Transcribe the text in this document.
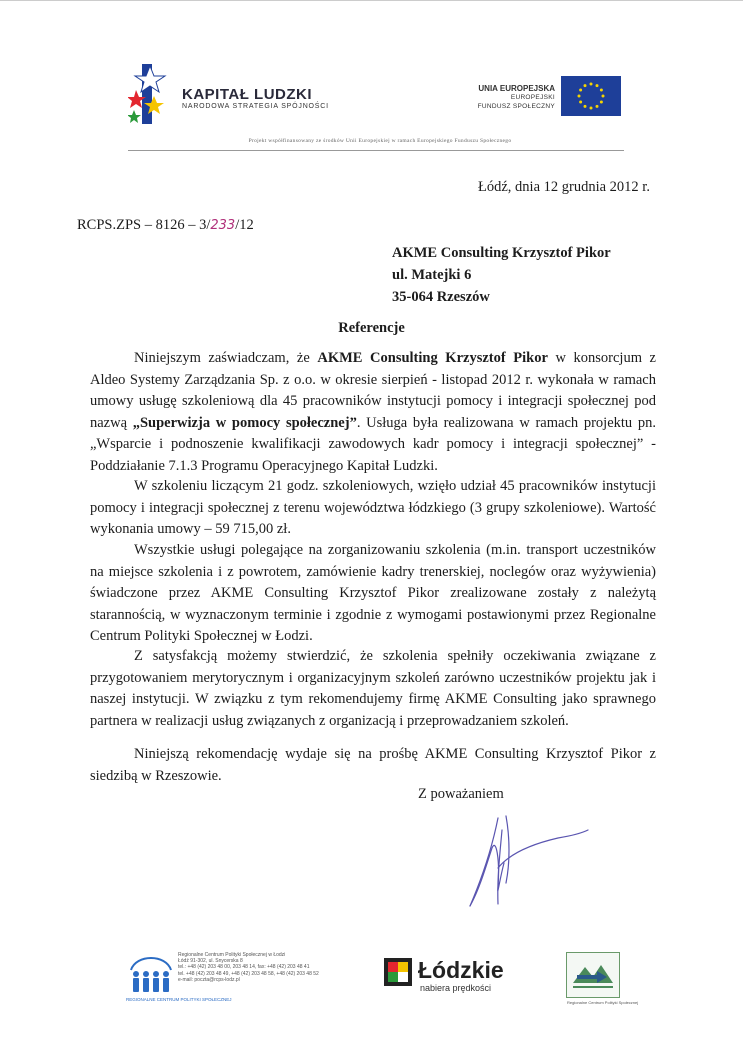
KAPITAŁ LUDZKI
NARODOWA STRATEGIA SPÓJNOŚCI
UNIA EUROPEJSKA
EUROPEJSKI
FUNDUSZ SPOŁECZNY
Projekt współfinansowany ze środków Unii Europejskiej w ramach Europejskiego Funduszu Społecznego
Łódź, dnia 12 grudnia 2012 r.
RCPS.ZPS – 8126 – 3/233/12
AKME Consulting Krzysztof Pikor
ul. Matejki 6
35-064 Rzeszów
Referencje
Niniejszym zaświadczam, że AKME Consulting Krzysztof Pikor w konsorcjum z Aldeo Systemy Zarządzania Sp. z o.o. w okresie sierpień - listopad 2012 r. wykonała w ramach umowy usługę szkoleniową dla 45 pracowników instytucji pomocy i integracji społecznej pod nazwą „Superwizja w pomocy społecznej”. Usługa była realizowana w ramach projektu pn. „Wsparcie i podnoszenie kwalifikacji zawodowych kadr pomocy i integracji społecznej” - Poddziałanie 7.1.3 Programu Operacyjnego Kapitał Ludzki.
W szkoleniu liczącym 21 godz. szkoleniowych, wzięło udział 45 pracowników instytucji pomocy i integracji społecznej z terenu województwa łódzkiego (3 grupy szkoleniowe). Wartość wykonania umowy – 59 715,00 zł.
Wszystkie usługi polegające na zorganizowaniu szkolenia (m.in. transport uczestników na miejsce szkolenia i z powrotem, zamówienie kadry trenerskiej, noclegów oraz wyżywienia) świadczone przez AKME Consulting Krzysztof Pikor zrealizowane zostały z należytą starannością, w wyznaczonym terminie i zgodnie z wymogami postawionymi przez Regionalne Centrum Polityki Społecznej w Łodzi.
Z satysfakcją możemy stwierdzić, że szkolenia spełniły oczekiwania związane z przygotowaniem merytorycznym i organizacyjnym szkoleń zarówno uczestników projektu jak i naszej instytucji. W związku z tym rekomendujemy firmę AKME Consulting jako sprawnego partnera w realizacji usług związanych z organizacją i przeprowadzaniem szkoleń.
Niniejszą rekomendację wydaje się na prośbę AKME Consulting Krzysztof Pikor z siedzibą w Rzeszowie.
Z poważaniem
REGIONALNE CENTRUM POLITYKI SPOŁECZNEJ
Regionalne Centrum Polityki Społecznej w Łodzi
Łódź 91-302, ul. Snycerska 8
tel.: +48 (42) 203 48 00, 203 48 14, fax: +48 (42) 203 48 41
tel. +48 (42) 203 48 49, +48 (42) 203 48 58, +48 (42) 203 48 52
e-mail: poczta@rcps-lodz.pl	Łódzkie
nabiera prędkości
Regionalne Centrum Polityki Społecznej
